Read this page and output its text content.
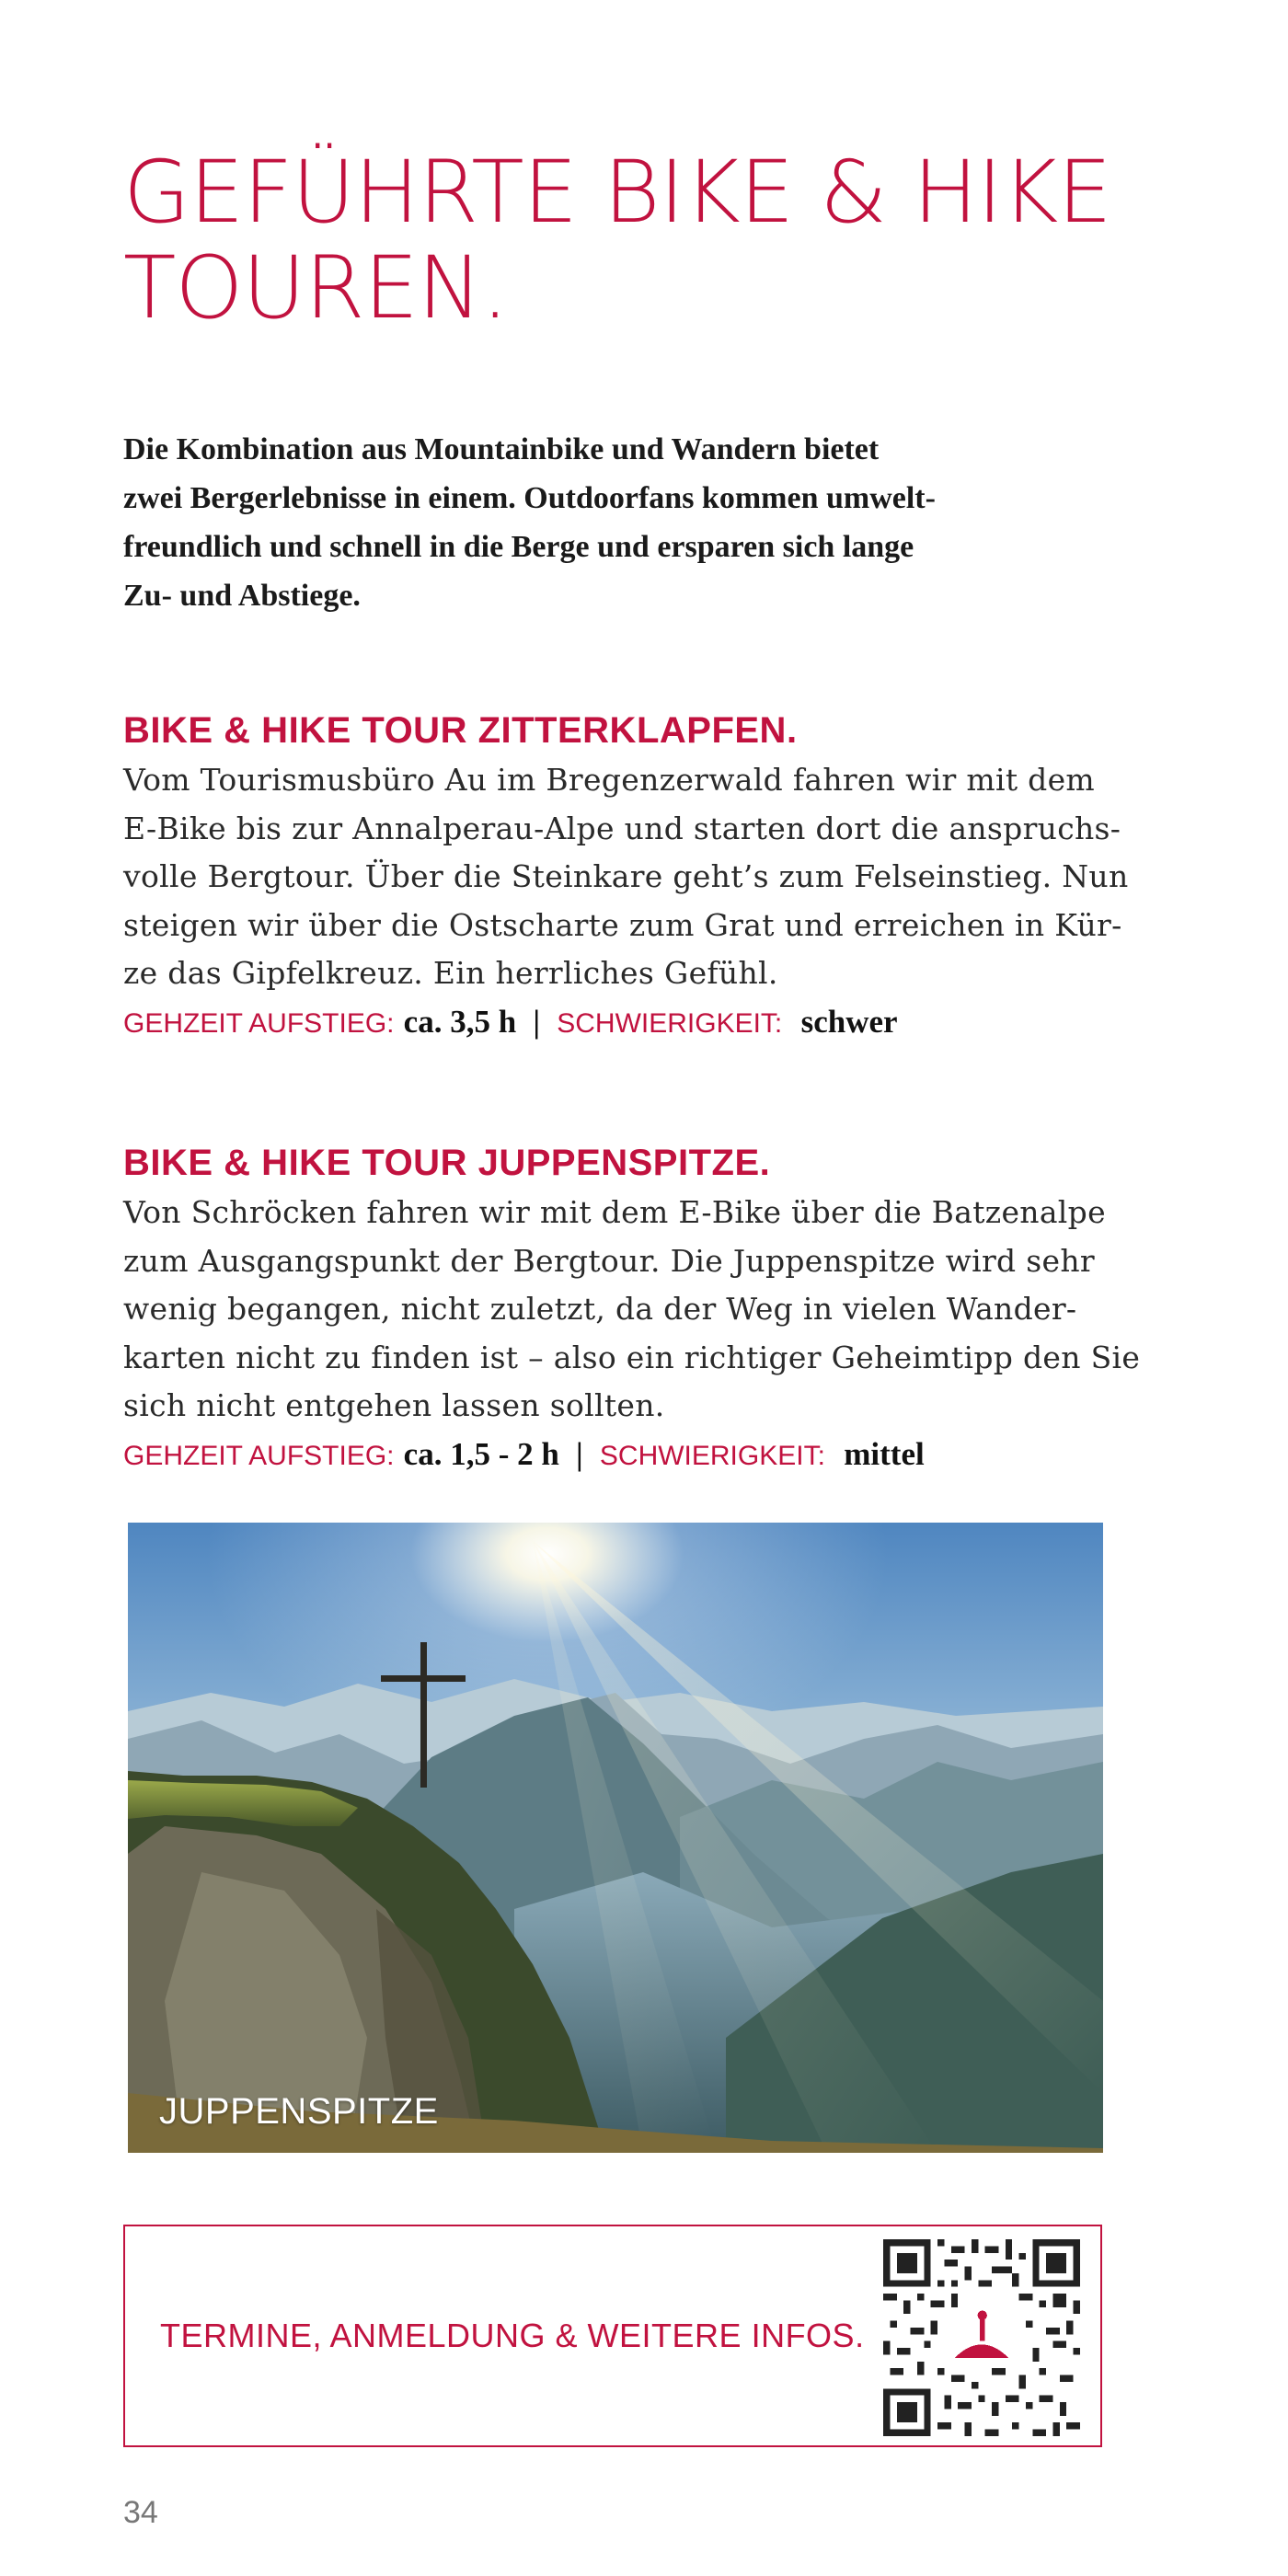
GEFÜHRTE BIKE & HIKE
TOUREN.
Die Kombination aus Mountainbike und Wandern bietet
zwei Bergerlebnisse in einem. Outdoorfans kommen umwelt-
freundlich und schnell in die Berge und ersparen sich lange
Zu- und Abstiege.
BIKE & HIKE TOUR ZITTERKLAPFEN.
Vom Tourismusbüro Au im Bregenzerwald fahren wir mit dem
E-Bike bis zur Annalperau-Alpe und starten dort die anspruchs-
volle Bergtour. Über die Steinkare geht’s zum Felseinstieg. Nun
steigen wir über die Ostscharte zum Grat und erreichen in Kür-
ze das Gipfelkreuz. Ein herrliches Gefühl.
GEHZEIT AUFSTIEG: ca. 3,5 h | SCHWIERIGKEIT: schwer
BIKE & HIKE TOUR JUPPENSPITZE.
Von Schröcken fahren wir mit dem E-Bike über die Batzenalpe
zum Ausgangspunkt der Bergtour. Die Juppenspitze wird sehr
wenig begangen, nicht zuletzt, da der Weg in vielen Wander-
karten nicht zu finden ist – also ein richtiger Geheimtipp den Sie
sich nicht entgehen lassen sollten.
GEHZEIT AUFSTIEG: ca. 1,5 - 2 h | SCHWIERIGKEIT: mittel
JUPPENSPITZE
TERMINE, ANMELDUNG & WEITERE INFOS.
34
